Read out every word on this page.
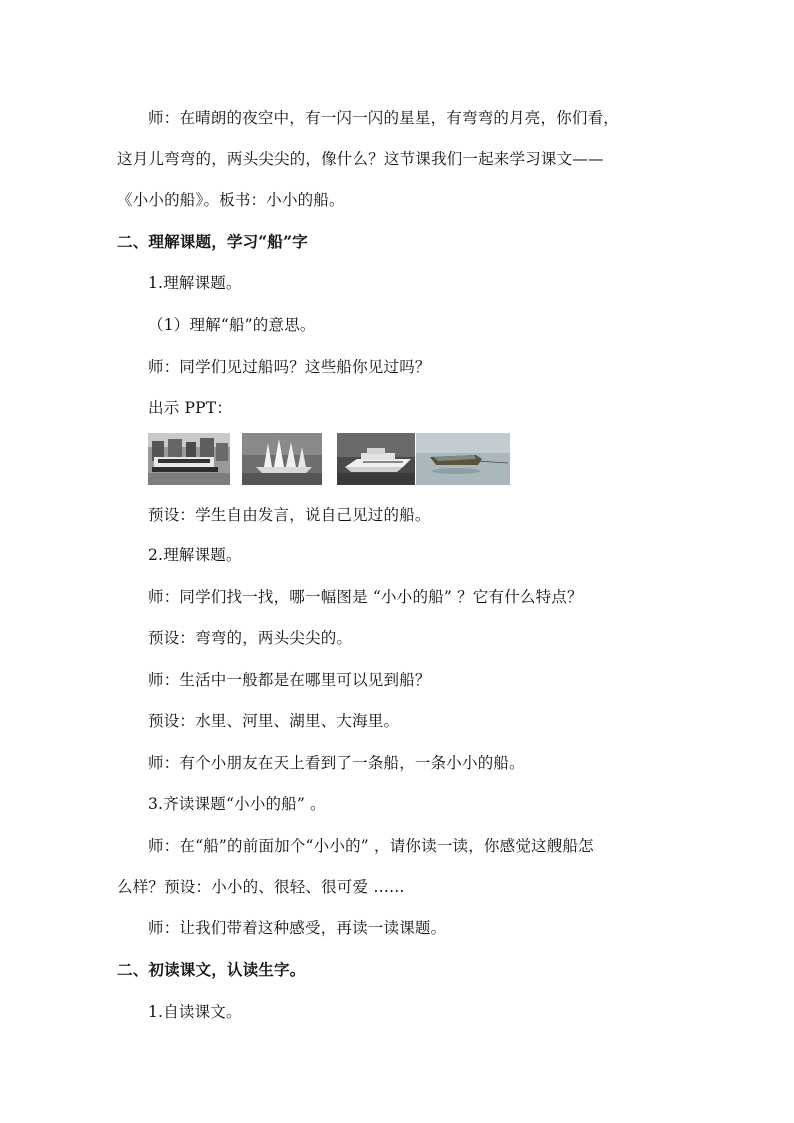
师：在晴朗的夜空中，有一闪一闪的星星，有弯弯的月亮，你们看，
这月儿弯弯的，两头尖尖的，像什么？这节课我们一起来学习课文——
《小小的船》。板书：小小的船。
二、理解课题，学习“船”字
1.理解课题。
（1）理解“船”的意思。
师：同学们见过船吗？这些船你见过吗？
出示 PPT：
预设：学生自由发言，说自己见过的船。
2.理解课题。
师：同学们找一找，哪一幅图是 “小小的船” ？它有什么特点？
预设：弯弯的，两头尖尖的。
师：生活中一般都是在哪里可以见到船？
预设：水里、河里、湖里、大海里。
师：有个小朋友在天上看到了一条船，一条小小的船。
3.齐读课题“小小的船” 。
师：在“船”的前面加个“小小的” ，请你读一读，你感觉这艘船怎
么样？预设：小小的、很轻、很可爱 ……
师：让我们带着这种感受，再读一读课题。
二、初读课文，认读生字。
1.自读课文。
